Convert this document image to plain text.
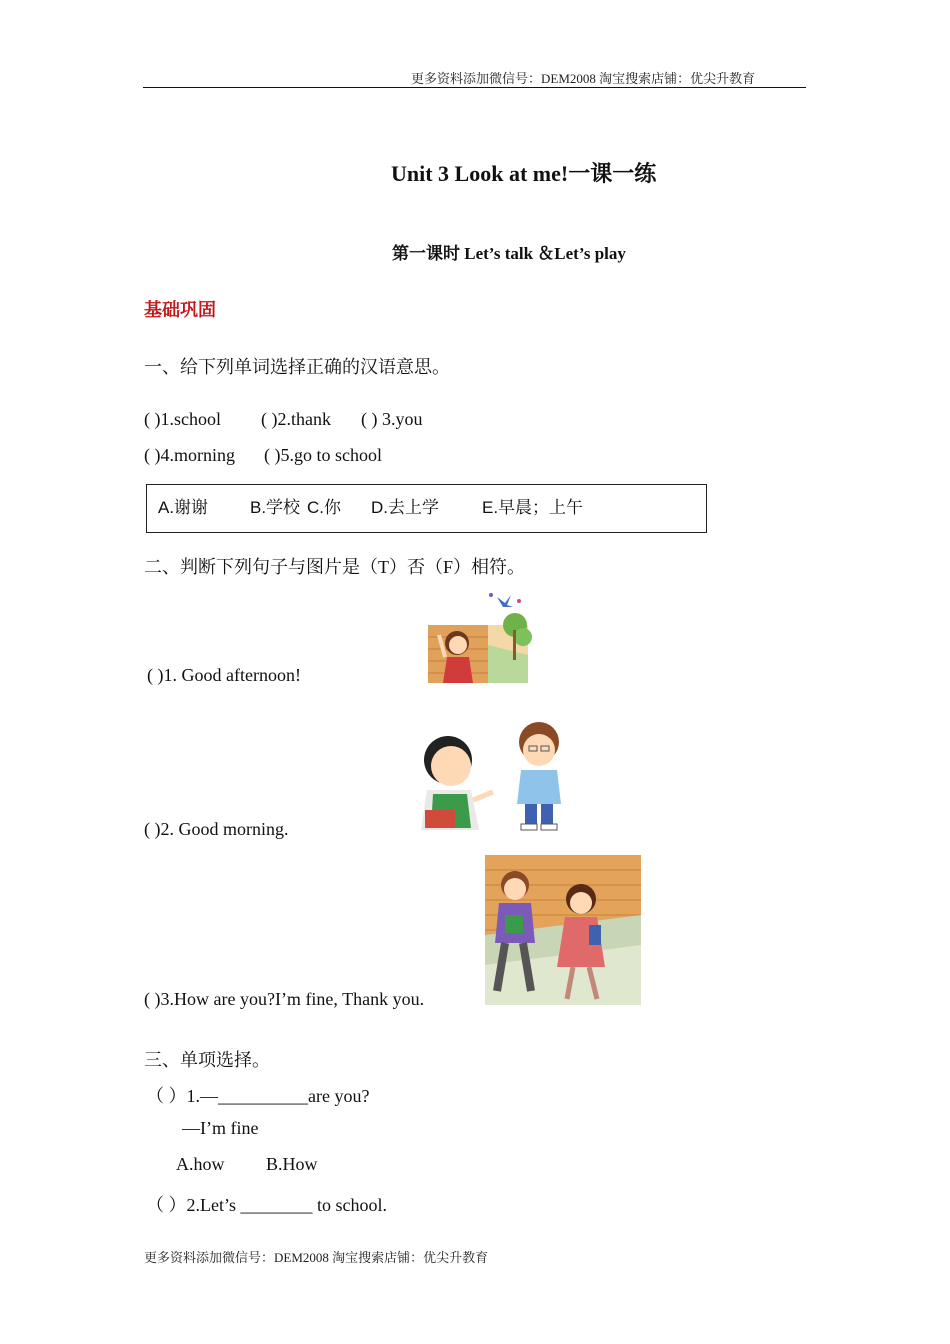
更多资料添加微信号：DEM2008 淘宝搜索店铺：优尖升教育
Unit 3 Look at me!一课一练
第一课时 Let’s talk ＆Let’s play
基础巩固
一、给下列单词选择正确的汉语意思。
( )1.school ( )2.thank ( ) 3.you
( )4.morning ( )5.go to school
A.谢谢 B.学校 C.你 D.去上学	E.早晨；上午
二、判断下列句子与图片是（T）否（F）相符。
( )1. Good afternoon!
( )2. Good morning.
( )3.How are you?I’m fine, Thank you.
三、单项选择。
（ ）1.—__________are you?
—I’m fine
A.how B.How
（ ）2.Let’s ________ to school.
更多资料添加微信号：DEM2008 淘宝搜索店铺：优尖升教育
